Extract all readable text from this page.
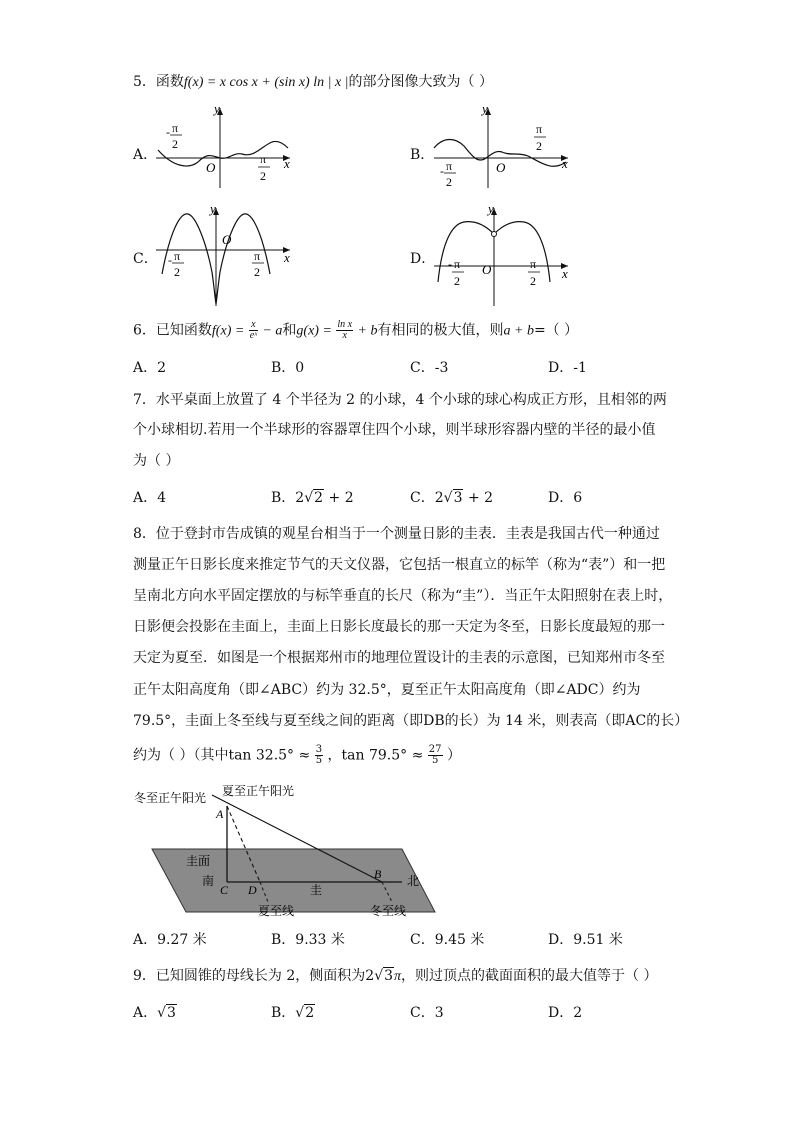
5．函数f(x) = x cos x + (sin x) ln | x |的部分图像大致为（ ）
A．
y
x
O
- π
2
π
2
B．
y
x
O
- π
2
π
2
C．
y
x
O
- π
2
π
2
D．
y
x
O
- π
2
π
2
6．已知函数$f(x) = \frac{x}{\text{eˣ}} - a$和$g(x) = \frac{\text{ln x}}{x} + b$有相同的极大值，则a + b=（ ）
A．2	B．0	C．-3	D．-1
7．水平桌面上放置了 4 个半径为 2 的小球，4 个小球的球心构成正方形，且相邻的两
个小球相切.若用一个半球形的容器罩住四个小球，则半球形容器内壁的半径的最小值
为（ ）
A．4	B．2√2 + 2	C．2√3 + 2	D．6
8．位于登封市告成镇的观星台相当于一个测量日影的圭表．圭表是我国古代一种通过
测量正午日影长度来推定节气的天文仪器，它包括一根直立的标竿（称为“表”）和一把
呈南北方向水平固定摆放的与标竿垂直的长尺（称为“圭”）．当正午太阳照射在表上时，
日影便会投影在圭面上，圭面上日影长度最长的那一天定为冬至，日影长度最短的那一
天定为夏至．如图是一个根据郑州市的地理位置设计的圭表的示意图，已知郑州市冬至
正午太阳高度角（即∠ABC）约为 32.5°，夏至正午太阳高度角（即∠ADC）约为
79.5°，圭面上冬至线与夏至线之间的距离（即DB的长）为 14 米，则表高（即AC的长）
约为（ ）（其中$\tan 32.5^\circ \approx \frac{3}{5}$ ，$\tan 79.5^\circ \approx \frac{27}{5}$ ）
冬至正午阳光 夏至正午阳光
A
B
C D
圭面
南	北
圭
夏至线	冬至线
A．9.27 米	B．9.33 米	C．9.45 米	D．9.51 米
9．已知圆锥的母线长为 2，侧面积为2√3π，则过顶点的截面面积的最大值等于（ ）
A．√3	B．√2	C．3	D．2
